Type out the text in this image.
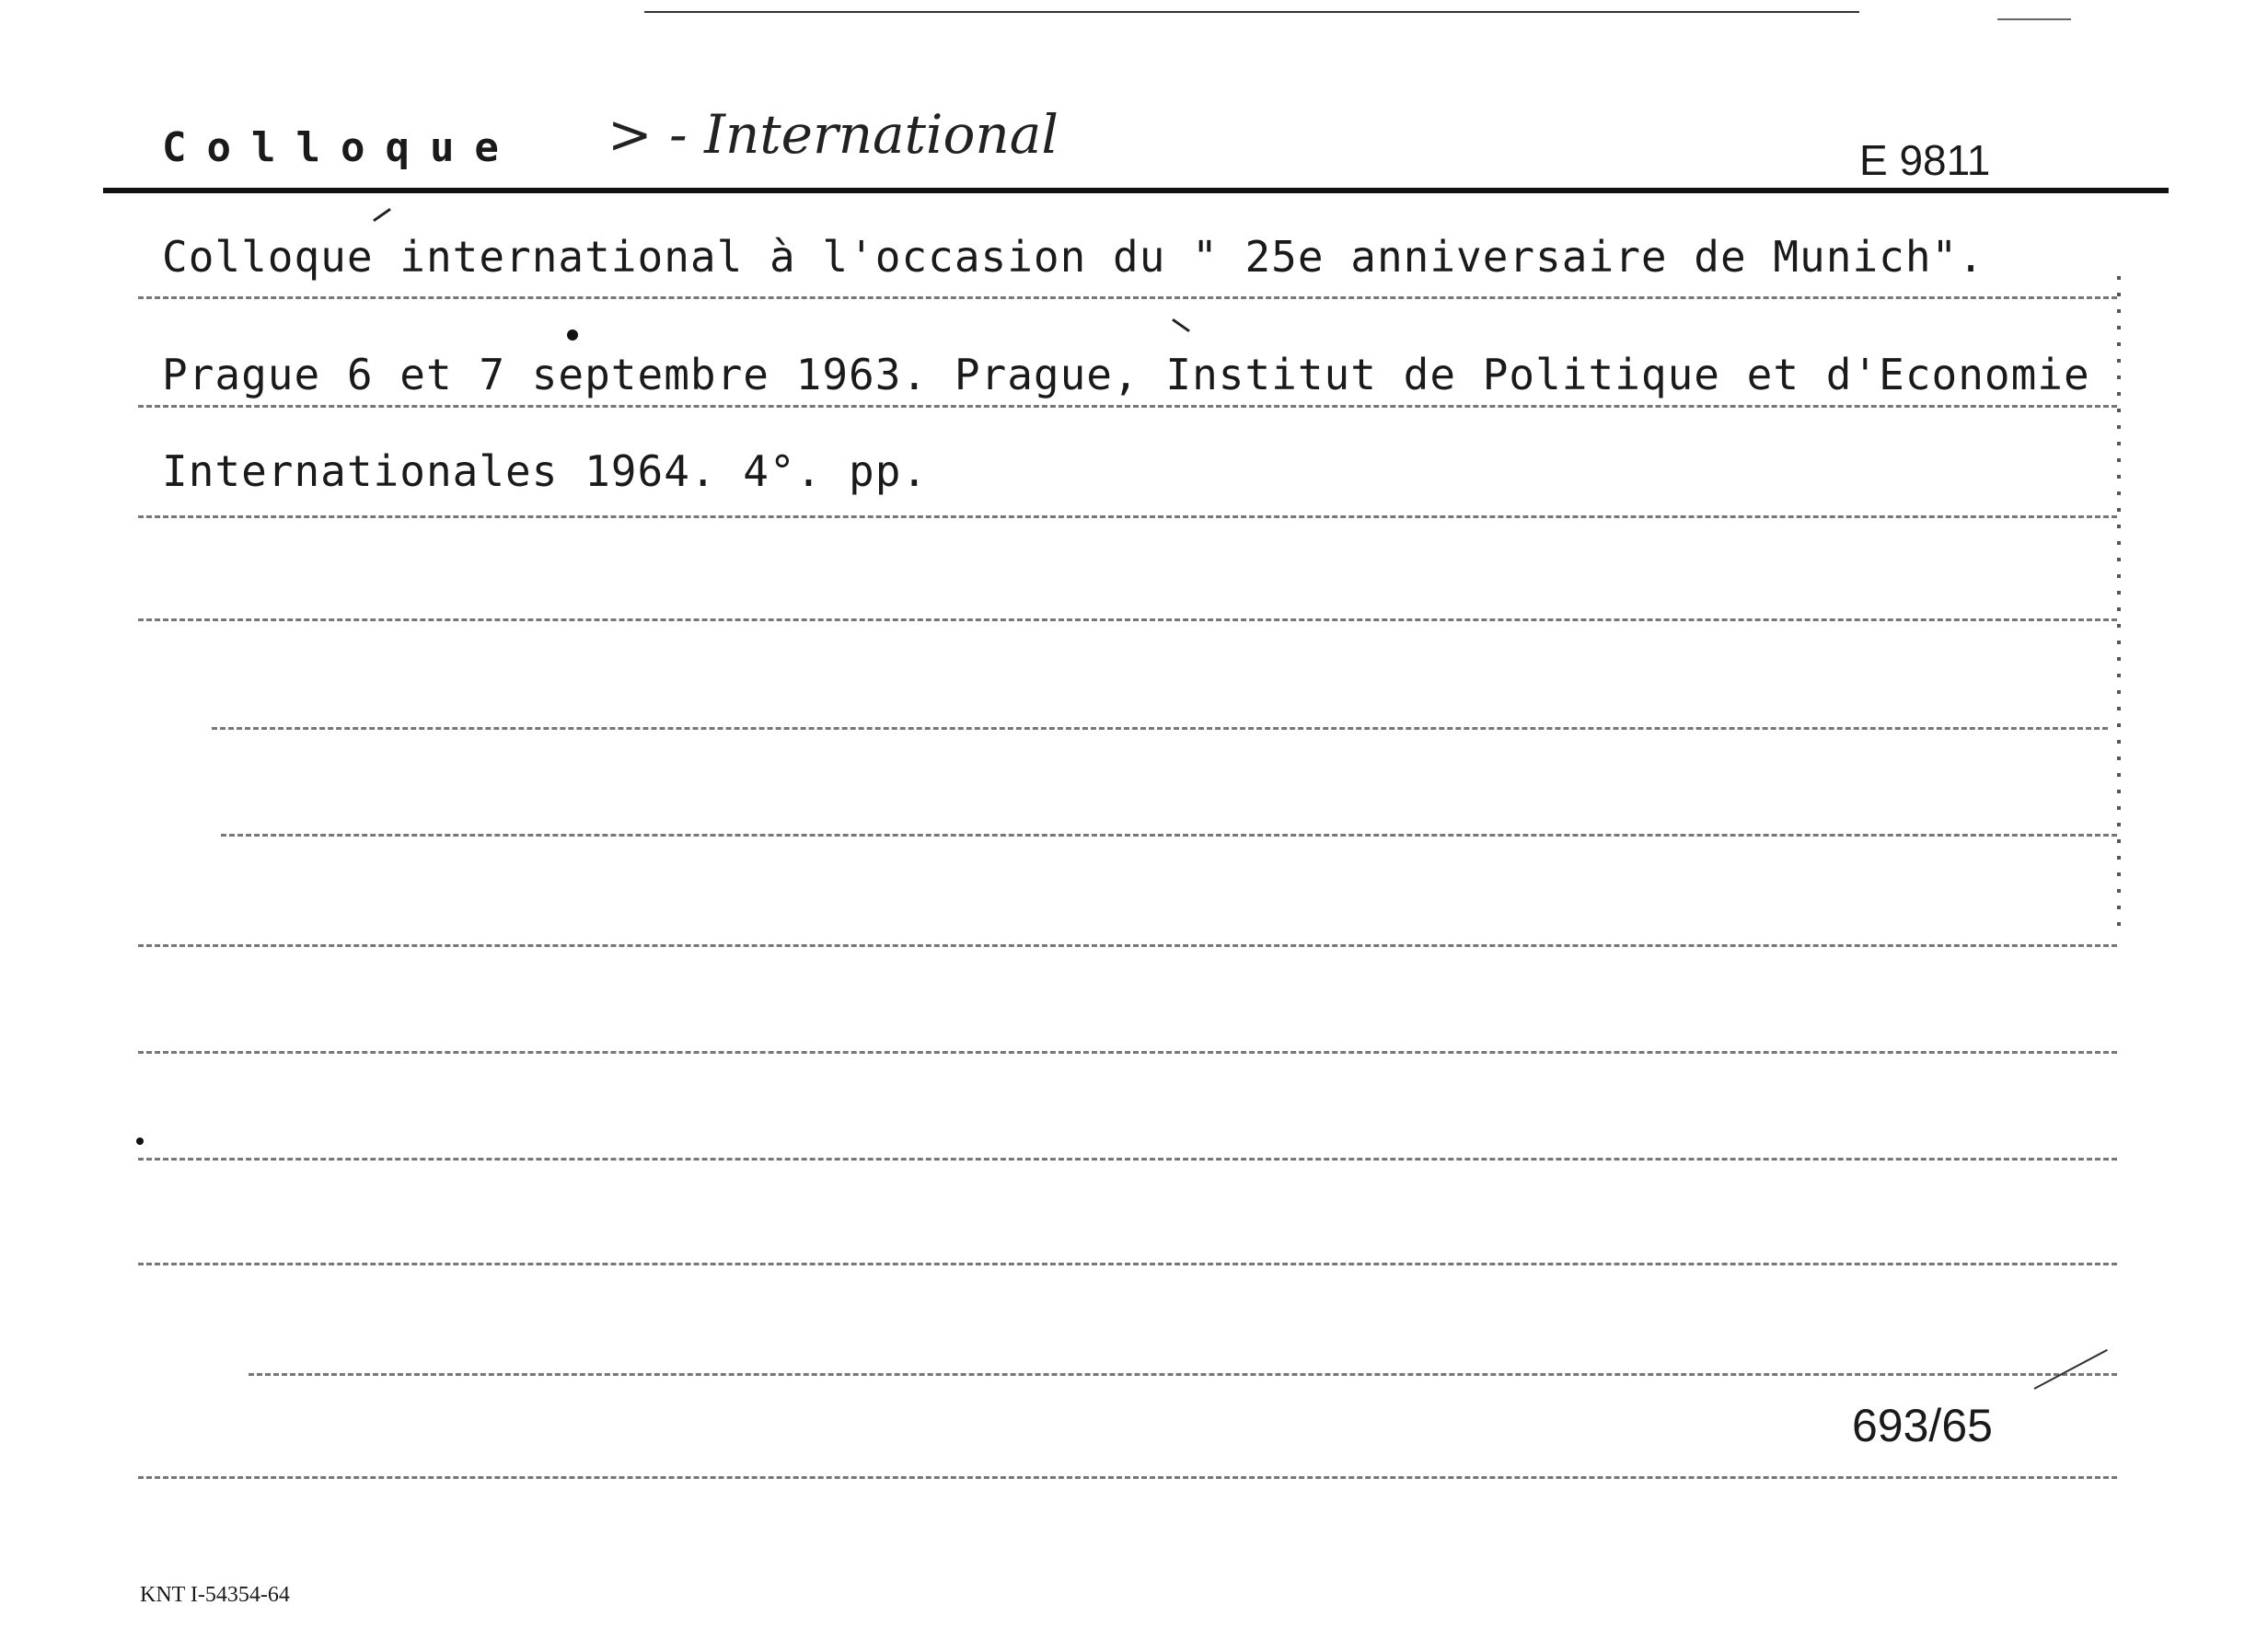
Colloque > - International	E 9811
Colloque international à l'occasion du " 25e anniversaire de Munich".
Prague 6 et 7 septembre 1963. Prague, Institut de Politique et d'Economie
Internationales 1964. 4°. pp.
693/65
KNT I-54354-64
